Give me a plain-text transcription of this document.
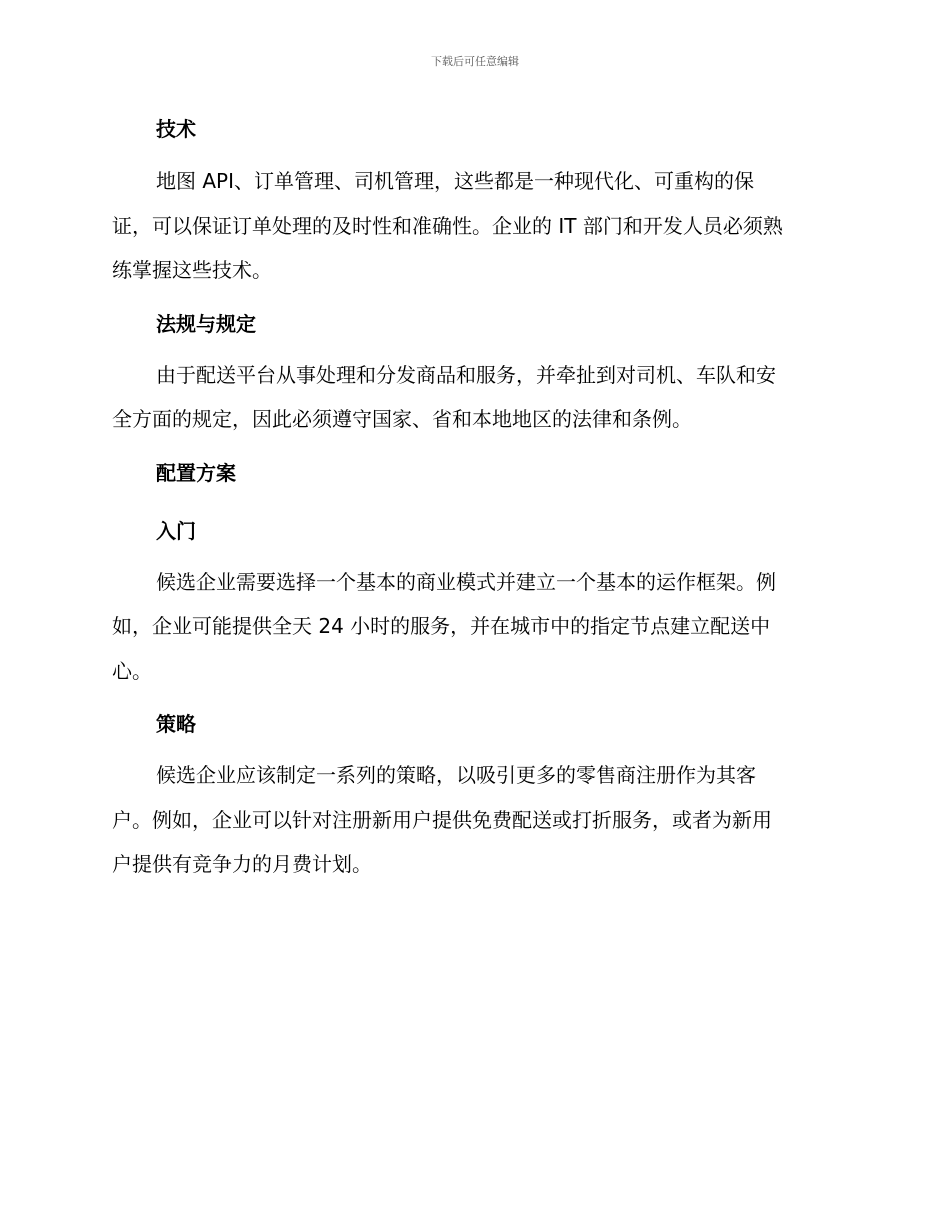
下载后可任意编辑
技术

地图 API、订单管理、司机管理，这些都是一种现代化、可重构的保
证，可以保证订单处理的及时性和准确性。企业的 IT 部门和开发人员必须熟
练掌握这些技术。

法规与规定

由于配送平台从事处理和分发商品和服务，并牵扯到对司机、车队和安
全方面的规定，因此必须遵守国家、省和本地地区的法律和条例。

配置方案
入门

候选企业需要选择一个基本的商业模式并建立一个基本的运作框架。例
如，企业可能提供全天 24 小时的服务，并在城市中的指定节点建立配送中
心。

策略

候选企业应该制定一系列的策略，以吸引更多的零售商注册作为其客
户。例如，企业可以针对注册新用户提供免费配送或打折服务，或者为新用
户提供有竞争力的月费计划。
